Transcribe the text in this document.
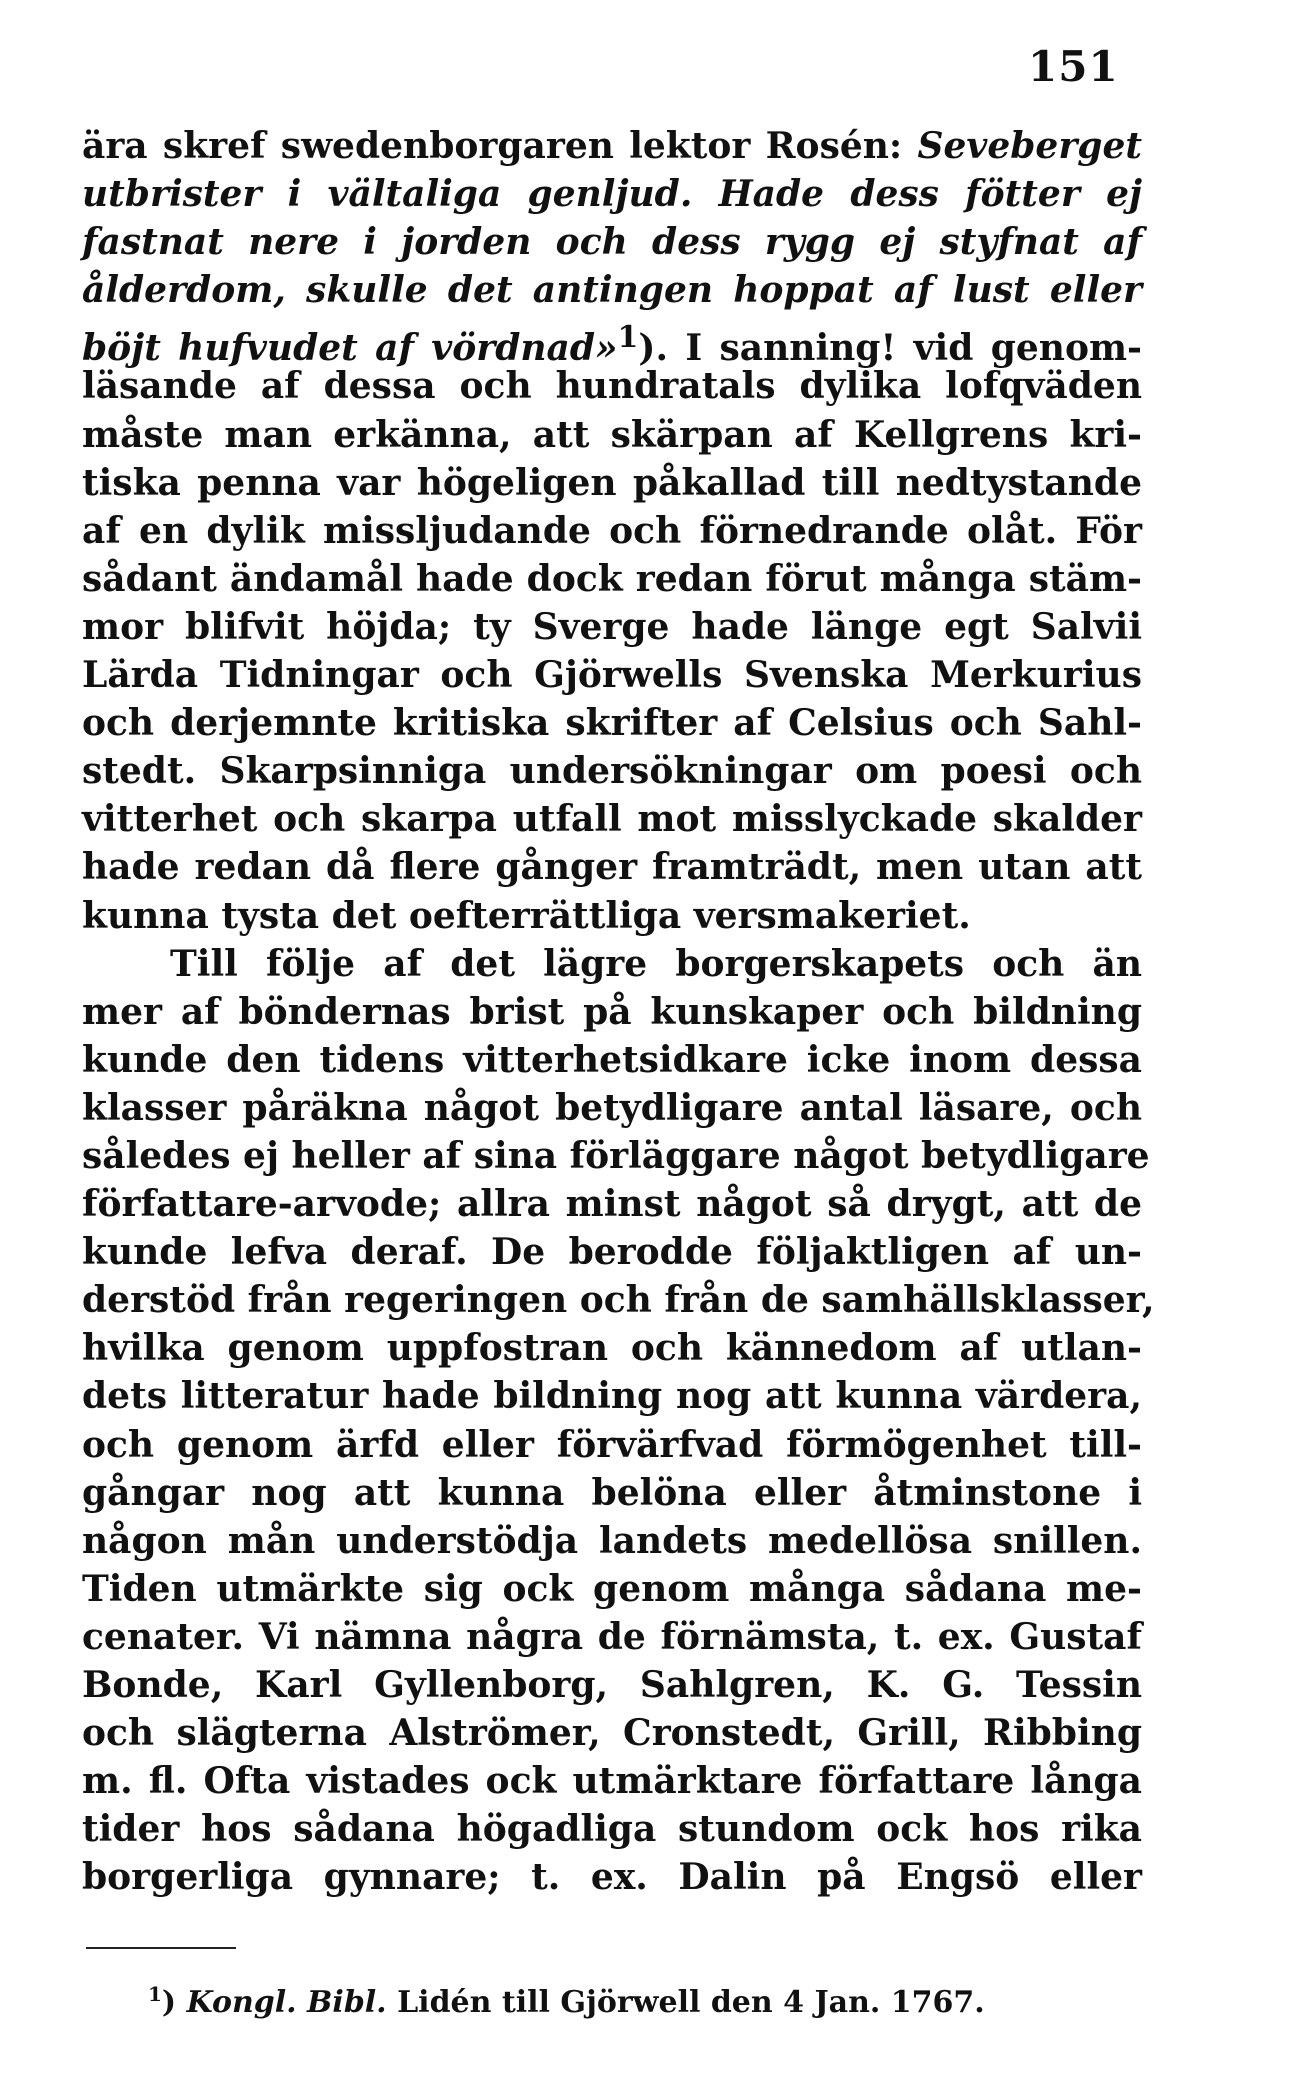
151
ära skref swedenborgaren lektor Rosén: Seveberget
utbrister i vältaliga genljud. Hade dess fötter ej
fastnat nere i jorden och dess rygg ej styfnat af
ålderdom, skulle det antingen hoppat af lust eller
böjt hufvudet af vördnad»$^1$). I sanning! vid genom-
läsande af dessa och hundratals dylika lofqväden
måste man erkänna, att skärpan af Kellgrens kri-
tiska penna var högeligen påkallad till nedtystande
af en dylik missljudande och förnedrande olåt. För
sådant ändamål hade dock redan förut många stäm-
mor blifvit höjda; ty Sverge hade länge egt Salvii
Lärda Tidningar och Gjörwells Svenska Merkurius
och derjemnte kritiska skrifter af Celsius och Sahl-
stedt. Skarpsinniga undersökningar om poesi och
vitterhet och skarpa utfall mot misslyckade skalder
hade redan då flere gånger framträdt, men utan att
kunna tysta det oefterrättliga versmakeriet.
Till följe af det lägre borgerskapets och än
mer af böndernas brist på kunskaper och bildning
kunde den tidens vitterhetsidkare icke inom dessa
klasser påräkna något betydligare antal läsare, och
således ej heller af sina förläggare något betydligare
författare-arvode; allra minst något så drygt, att de
kunde lefva deraf. De berodde följaktligen af un-
derstöd från regeringen och från de samhällsklasser,
hvilka genom uppfostran och kännedom af utlan-
dets litteratur hade bildning nog att kunna värdera,
och genom ärfd eller förvärfvad förmögenhet till-
gångar nog att kunna belöna eller åtminstone i
någon mån understödja landets medellösa snillen.
Tiden utmärkte sig ock genom många sådana me-
cenater. Vi nämna några de förnämsta, t. ex. Gustaf
Bonde, Karl Gyllenborg, Sahlgren, K. G. Tessin
och slägterna Alströmer, Cronstedt, Grill, Ribbing
m. fl. Ofta vistades ock utmärktare författare långa
tider hos sådana högadliga stundom ock hos rika
borgerliga gynnare; t. ex. Dalin på Engsö eller
$^1$) Kongl. Bibl. Lidén till Gjörwell den 4 Jan. 1767.
